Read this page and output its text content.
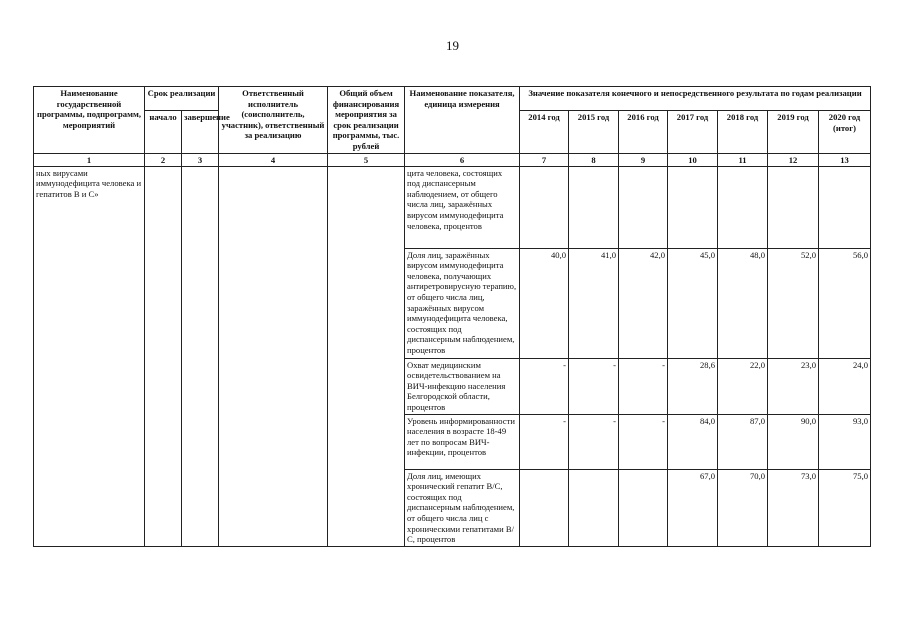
19
Наименование государственной программы, подпрограмм, мероприятий	Срок реализации		Ответственный исполнитель (соисполнитель, участник), ответственный за реализацию	Общий объем финансирования мероприятия за срок реализации программы, тыс. рублей	Наименование показателя, единица измерения	Значение показателя конечного и непосредственного результата по годам реализации						
	начало	завершение				2014 год	2015 год	2016 год	2017 год	2018 год	2019 год	2020 год (итог)
1	2	3	4	5	6	7	8	9	10	11	12	13
ных вирусами иммунодефицита человека и гепатитов В и С»					цита человека, состоящих под диспансерным наблюдением, от общего числа лиц, заражённых вирусом иммунодефицита человека, процентов							
					Доля лиц, заражённых вирусом иммунодефицита человека, получающих антиретровирусную терапию, от общего числа лиц, заражённых вирусом иммунодефицита человека, состоящих под диспансерным наблюдением, процентов	40,0	41,0	42,0	45,0	48,0	52,0	56,0
					Охват медицинским освидетельствованием на ВИЧ-инфекцию населения Белгородской области, процентов	-	-	-	28,6	22,0	23,0	24,0
					Уровень информированности населения в возрасте 18-49 лет по вопросам ВИЧ-инфекции, процентов	-	-	-	84,0	87,0	90,0	93,0
					Доля лиц, имеющих хронический гепатит В/С, состоящих под диспансерным наблюдением, от общего числа лиц с хроническими гепатитами В/С, процентов				67,0	70,0	73,0	75,0
